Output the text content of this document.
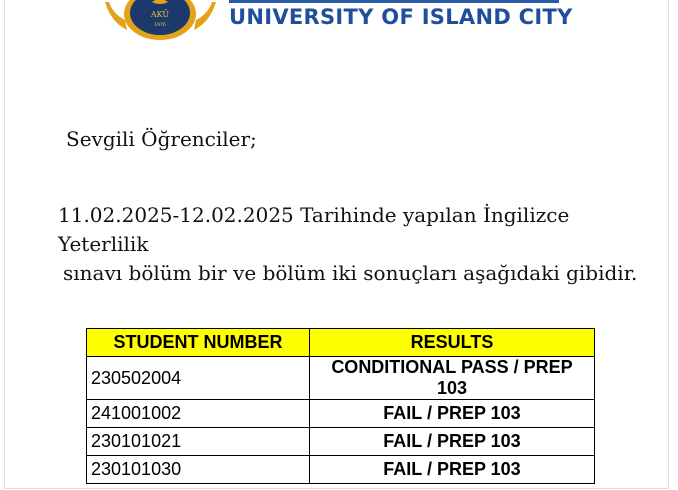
AKÜ
1976	UNIVERSITY OF ISLAND CITY
Sevgili Öğrenciler;
11.02.2025-12.02.2025 Tarihinde yapılan İngilizce Yeterlilik
sınavı bölüm bir ve bölüm iki sonuçları aşağıdaki gibidir.
STUDENT NUMBER	RESULTS
230502004	CONDITIONAL PASS / PREP 103
241001002	FAIL / PREP 103
230101021	FAIL / PREP 103
230101030	FAIL / PREP 103
